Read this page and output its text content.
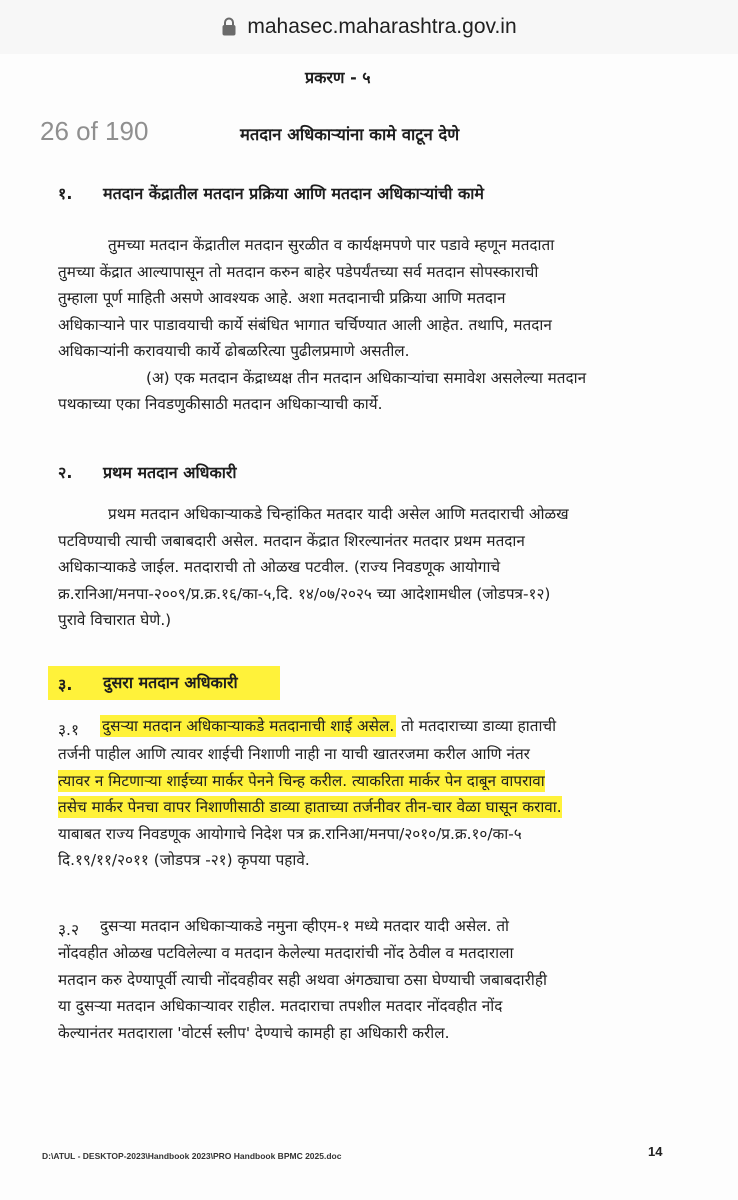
mahasec.maharashtra.gov.in
प्रकरण - ५
26 of 190	मतदान अधिकाऱ्यांना कामे वाटून देणे
१. मतदान केंद्रातील मतदान प्रक्रिया आणि मतदान अधिकाऱ्यांची कामे
तुमच्या मतदान केंद्रातील मतदान सुरळीत व कार्यक्षमपणे पार पडावे म्हणून मतदाता
तुमच्या केंद्रात आल्यापासून तो मतदान करुन बाहेर पडेपर्यंतच्या सर्व मतदान सोपस्काराची
तुम्हाला पूर्ण माहिती असणे आवश्यक आहे. अशा मतदानाची प्रक्रिया आणि मतदान
अधिकाऱ्याने पार पाडावयाची कार्ये संबंधित भागात चर्चिण्यात आली आहेत. तथापि, मतदान
अधिकाऱ्यांनी करावयाची कार्ये ढोबळरित्या पुढीलप्रमाणे असतील.
(अ) एक मतदान केंद्राध्यक्ष तीन मतदान अधिकाऱ्यांचा समावेश असलेल्या मतदान
पथकाच्या एका निवडणुकीसाठी मतदान अधिकाऱ्याची कार्ये.
२. प्रथम मतदान अधिकारी
प्रथम मतदान अधिकाऱ्याकडे चिन्हांकित मतदार यादी असेल आणि मतदाराची ओळख
पटविण्याची त्याची जबाबदारी असेल. मतदान केंद्रात शिरल्यानंतर मतदार प्रथम मतदान
अधिकाऱ्याकडे जाईल. मतदाराची तो ओळख पटवील. (राज्य निवडणूक आयोगाचे
क्र.रानिआ/मनपा-२००९/प्र.क्र.१६/का-५,दि. १४/०७/२०२५ च्या आदेशामधील (जोडपत्र-१२)
पुरावे विचारात घेणे.)
३. दुसरा मतदान अधिकारी
३.१ दुसऱ्या मतदान अधिकाऱ्याकडे मतदानाची शाई असेल. तो मतदाराच्या डाव्या हाताची
तर्जनी पाहील आणि त्यावर शाईची निशाणी नाही ना याची खातरजमा करील आणि नंतर
त्यावर न मिटणाऱ्या शाईच्या मार्कर पेनने चिन्ह करील. त्याकरिता मार्कर पेन दाबून वापरावा
तसेच मार्कर पेनचा वापर निशाणीसाठी डाव्या हाताच्या तर्जनीवर तीन-चार वेळा घासून करावा.
याबाबत राज्य निवडणूक आयोगाचे निदेश पत्र क्र.रानिआ/मनपा/२०१०/प्र.क्र.१०/का-५
दि.१९/११/२०११ (जोडपत्र -२१) कृपया पहावे.
३.२ दुसऱ्या मतदान अधिकाऱ्याकडे नमुना व्हीएम-१ मध्ये मतदार यादी असेल. तो
नोंदवहीत ओळख पटविलेल्या व मतदान केलेल्या मतदारांची नोंद ठेवील व मतदाराला
मतदान करु देण्यापूर्वी त्याची नोंदवहीवर सही अथवा अंगठ्याचा ठसा घेण्याची जबाबदारीही
या दुसऱ्या मतदान अधिकाऱ्यावर राहील. मतदाराचा तपशील मतदार नोंदवहीत नोंद
केल्यानंतर मतदाराला 'वोटर्स स्लीप' देण्याचे कामही हा अधिकारी करील.
D:\ATUL - DESKTOP-2023\Handbook 2023\PRO Handbook BPMC 2025.doc	14
